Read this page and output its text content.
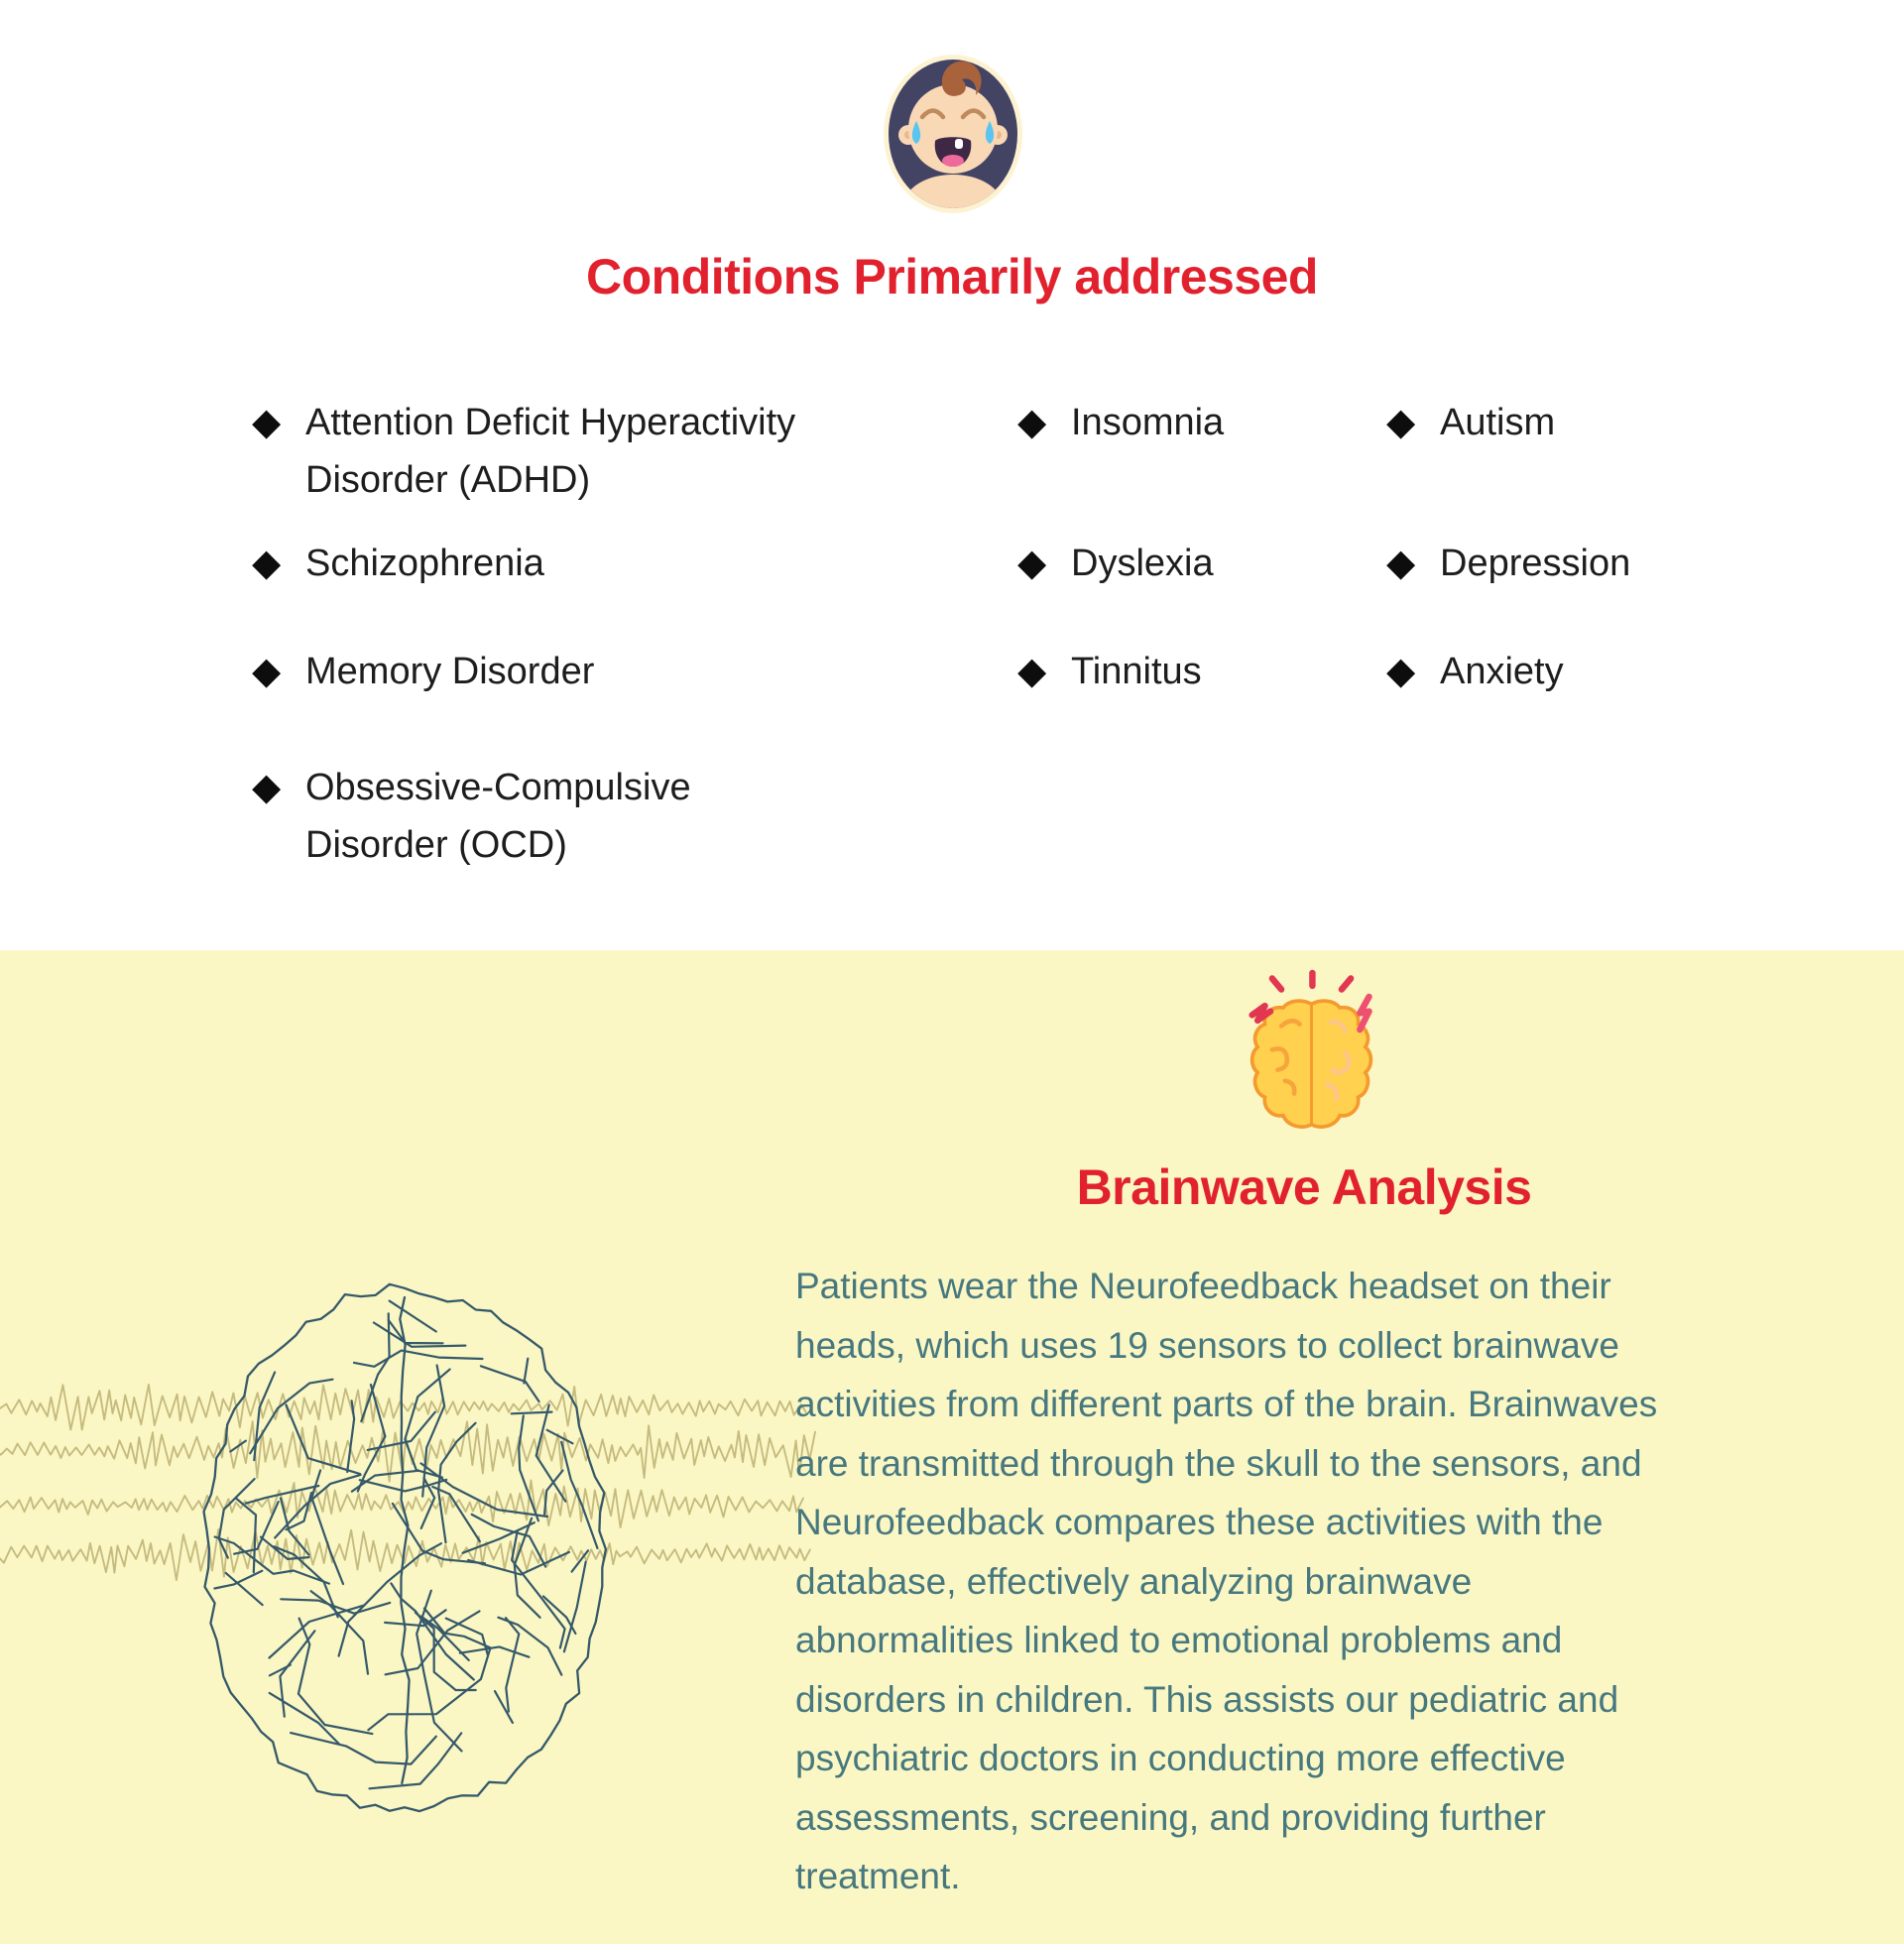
Conditions Primarily addressed
◆ Attention Deficit Hyperactivity
Disorder (ADHD)
◆ Schizophrenia
◆ Memory Disorder
◆ Obsessive-Compulsive
Disorder (OCD)
◆ Insomnia
◆ Dyslexia
◆ Tinnitus
◆ Autism
◆ Depression
◆ Anxiety
Brainwave Analysis
Patients wear the Neurofeedback headset on their
heads, which uses 19 sensors to collect brainwave
activities from different parts of the brain. Brainwaves
are transmitted through the skull to the sensors, and
Neurofeedback compares these activities with the
database, effectively analyzing brainwave
abnormalities linked to emotional problems and
disorders in children. This assists our pediatric and
psychiatric doctors in conducting more effective
assessments, screening, and providing further
treatment.
